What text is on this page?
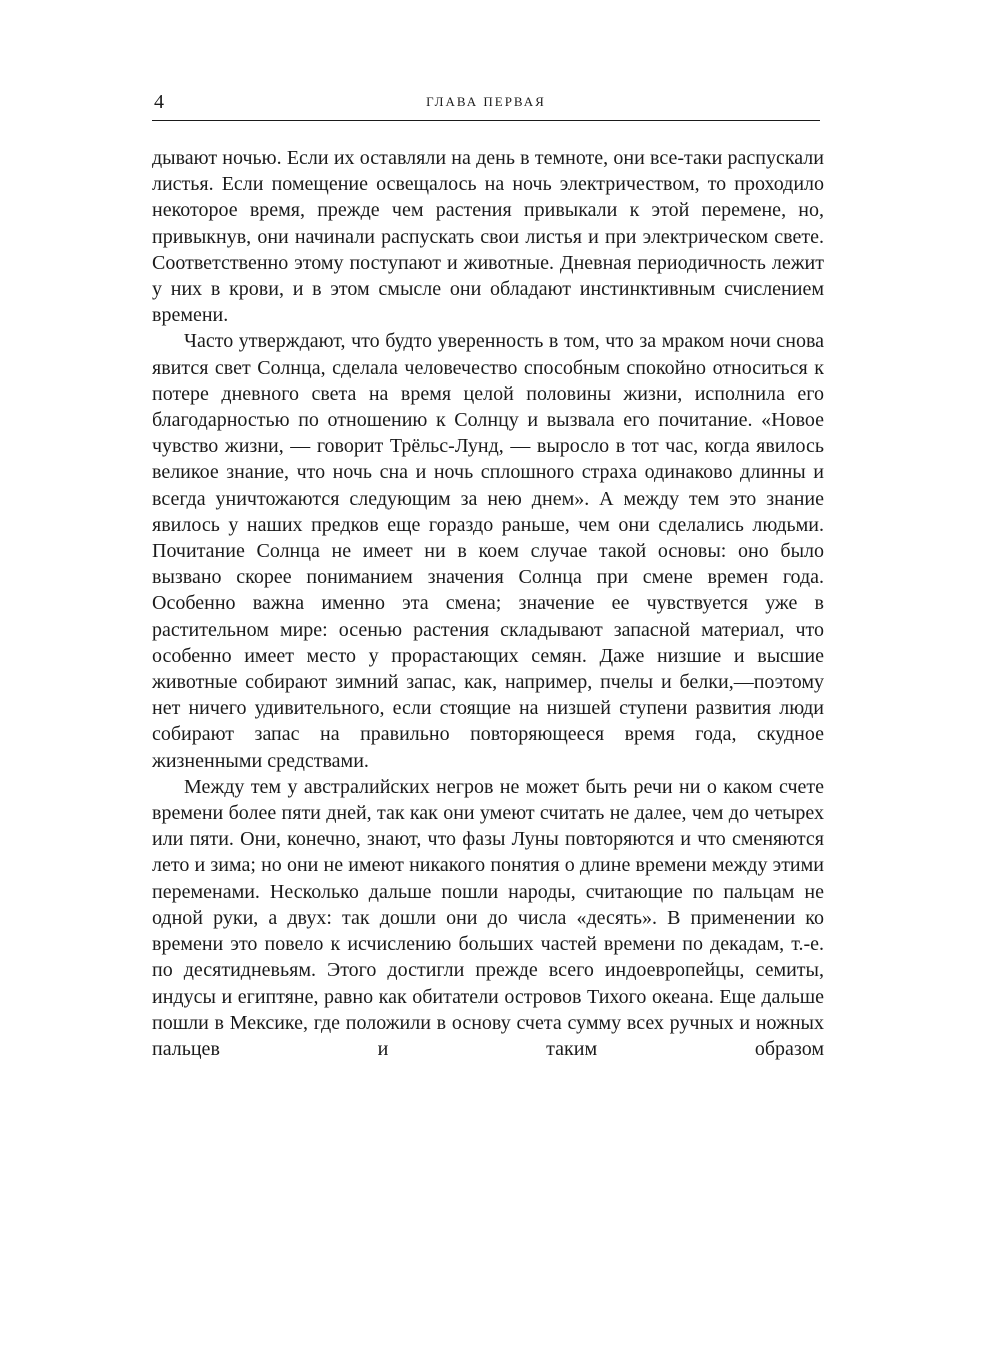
4	ГЛАВА ПЕРВАЯ

дывают ночью. Если их оставляли на день в темноте, они все-таки распускали листья. Если помещение освещалось на ночь электричеством, то проходило некоторое время, прежде чем растения привыкали к этой перемене, но, привыкнув, они начинали распускать свои листья и при электрическом свете. Соответственно этому поступают и животные. Дневная периодичность лежит у них в крови, и в этом смысле они обладают инстинктивным счислением времени.

Часто утверждают, что будто уверенность в том, что за мраком ночи снова явится свет Солнца, сделала человечество способным спокойно относиться к потере дневного света на время целой половины жизни, исполнила его благодарностью по отношению к Солнцу и вызвала его почитание. «Новое чувство жизни, — говорит Трёльс-Лунд, — выросло в тот час, когда явилось великое знание, что ночь сна и ночь сплошного страха одинаково длинны и всегда уничтожаются следующим за нею днем». А между тем это знание явилось у наших предков еще гораздо раньше, чем они сделались людьми. Почитание Солнца не имеет ни в коем случае такой основы: оно было вызвано скорее пониманием значения Солнца при смене времен года. Особенно важна именно эта смена; значение ее чувствуется уже в растительном мире: осенью растения складывают запасной материал, что особенно имеет место у прорастающих семян. Даже низшие и высшие животные собирают зимний запас, как, например, пчелы и белки,—поэтому нет ничего удивительного, если стоящие на низшей ступени развития люди собирают запас на правильно повторяющееся время года, скудное жизненными средствами.

Между тем у австралийских негров не может быть речи ни о каком счете времени более пяти дней, так как они умеют считать не далее, чем до четырех или пяти. Они, конечно, знают, что фазы Луны повторяются и что сменяются лето и зима; но они не имеют никакого понятия о длине времени между этими переменами. Несколько дальше пошли народы, считающие по пальцам не одной руки, а двух: так дошли они до числа «десять». В применении ко времени это повело к исчислению больших частей времени по декадам, т.-е. по десятидневьям. Этого достигли прежде всего индоевропейцы, семиты, индусы и египтяне, равно как обитатели островов Тихого океана. Еще дальше пошли в Мексике, где положили в основу счета сумму всех ручных и ножных пальцев и таким образом
